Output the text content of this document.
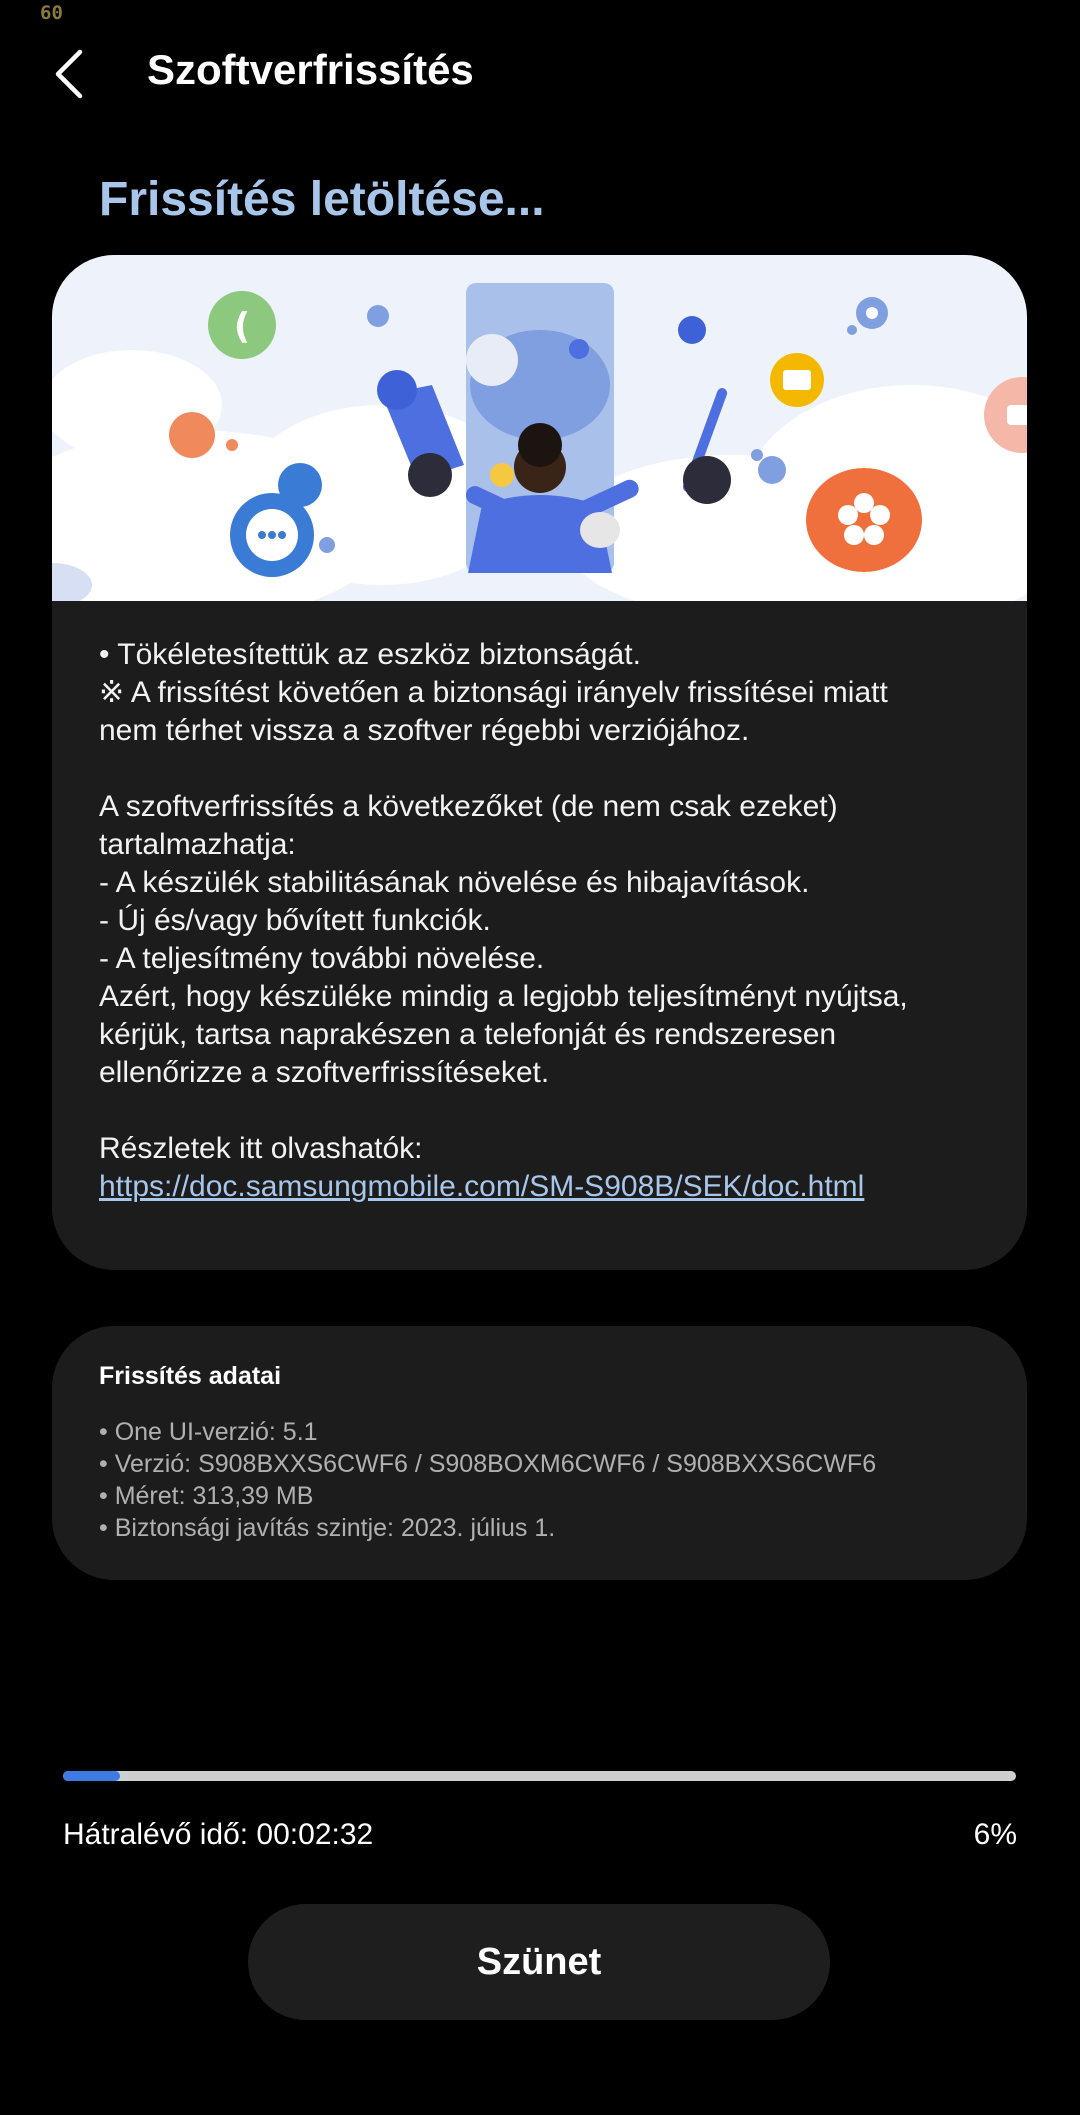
60
Szoftverfrissítés
Frissítés letöltése...
(
• Tökéletesítettük az eszköz biztonságát.
※ A frissítést követően a biztonsági irányelv frissítései miatt
nem térhet vissza a szoftver régebbi verziójához.
A szoftverfrissítés a következőket (de nem csak ezeket)
tartalmazhatja:
- A készülék stabilitásának növelése és hibajavítások.
- Új és/vagy bővített funkciók.
- A teljesítmény további növelése.
Azért, hogy készüléke mindig a legjobb teljesítményt nyújtsa,
kérjük, tartsa naprakészen a telefonját és rendszeresen
ellenőrizze a szoftverfrissítéseket.
Részletek itt olvashatók:
https://doc.samsungmobile.com/SM-S908B/SEK/doc.html
Frissítés adatai
• One UI-verzió: 5.1
• Verzió: S908BXXS6CWF6 / S908BOXM6CWF6 / S908BXXS6CWF6
• Méret: 313,39 MB
• Biztonsági javítás szintje: 2023. július 1.
Hátralévő idő: 00:02:32	6%
Szünet
